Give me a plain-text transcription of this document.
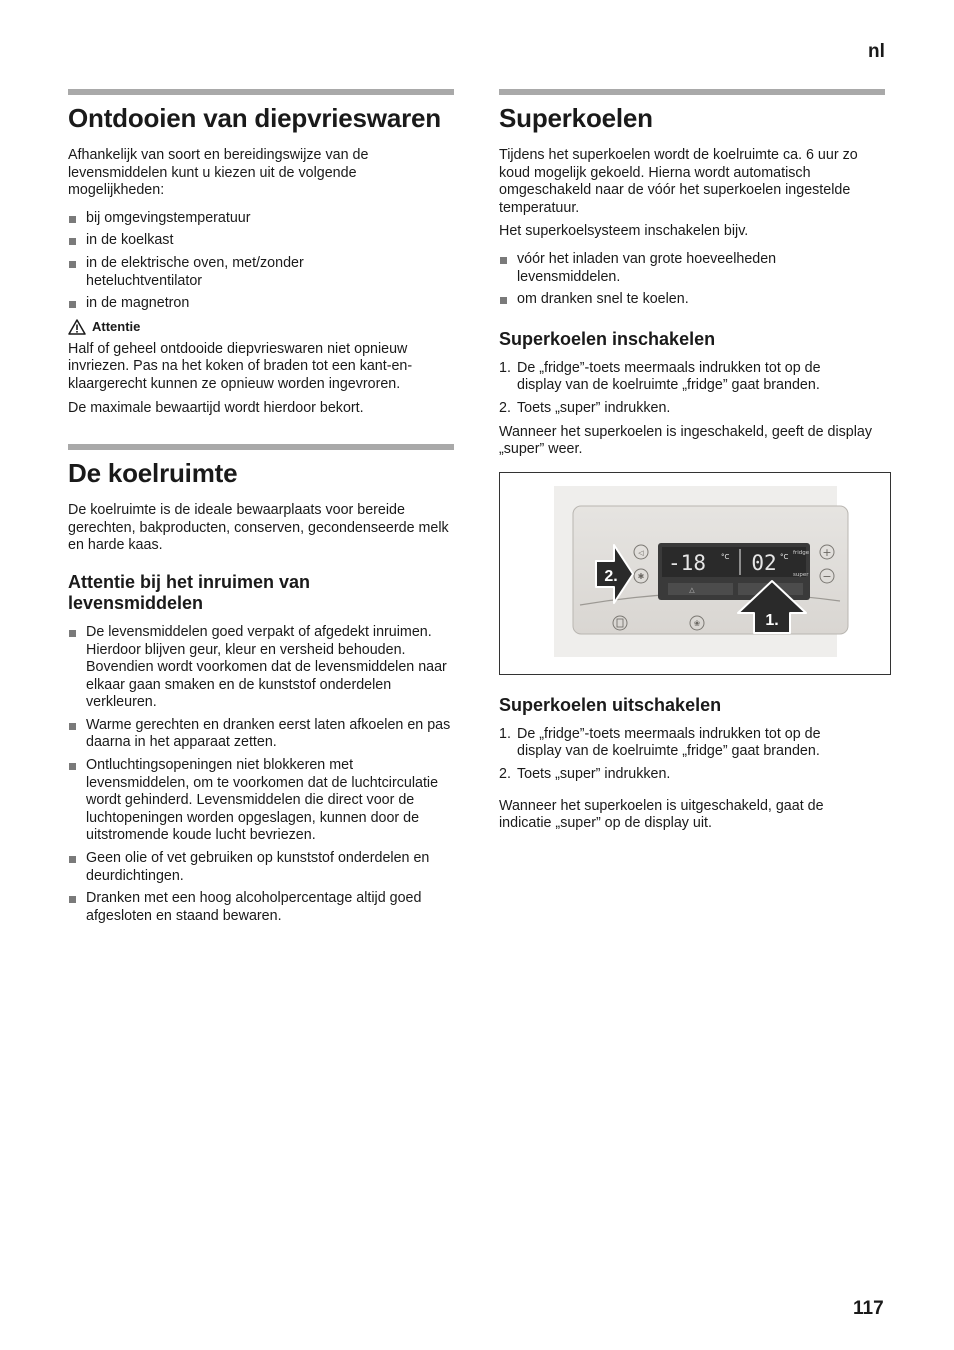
nl
Ontdooien van diepvrieswaren

Afhankelijk van soort en bereidingswijze van de levensmiddelen kunt u kiezen uit de volgende mogelijkheden:

bij omgevingstemperatuur
in de koelkast
in de elektrische oven, met/zonder heteluchtventilator
in de magnetron
Attentie

Half of geheel ontdooide diepvrieswaren niet opnieuw invriezen. Pas na het koken of braden tot een kant-en-klaargerecht kunnen ze opnieuw worden ingevroren.

De maximale bewaartijd wordt hierdoor bekort.

De koelruimte

De koelruimte is de ideale bewaarplaats voor bereide gerechten, bakproducten, conserven, gecondenseerde melk en harde kaas.

Attentie bij het inruimen van levensmiddelen
De levensmiddelen goed verpakt of afgedekt inruimen. Hierdoor blijven geur, kleur en versheid behouden. Bovendien wordt voorkomen dat de levensmiddelen naar elkaar gaan smaken en de kunststof onderdelen verkleuren.
Warme gerechten en dranken eerst laten afkoelen en pas daarna in het apparaat zetten.
Ontluchtingsopeningen niet blokkeren met levensmiddelen, om te voorkomen dat de luchtcirculatie wordt gehinderd. Levensmiddelen die direct voor de luchtopeningen worden opgeslagen, kunnen door de uitstromende koude lucht bevriezen.
Geen olie of vet gebruiken op kunststof onderdelen en deurdichtingen.
Dranken met een hoog alcoholpercentage altijd goed afgesloten en staand bewaren.
Superkoelen

Tijdens het superkoelen wordt de koelruimte ca. 6 uur zo koud mogelijk gekoeld. Hierna wordt automatisch omgeschakeld naar de vóór het superkoelen ingestelde temperatuur.

Het superkoelsysteem inschakelen bijv.

vóór het inladen van grote hoeveelheden levensmiddelen.
om dranken snel te koelen.
Superkoelen inschakelen
1. De „fridge”-toets meermaals indrukken tot op de display van de koelruimte „fridge” gaat branden.
2. Toets „super” indrukken.

Wanneer het superkoelen is ingeschakeld, geeft de display „super” weer.

△
-18 °C 02 °C fridge
super
◁
✱
+
−
❀
2.
1.
Superkoelen uitschakelen
1. De „fridge”-toets meermaals indrukken tot op de display van de koelruimte „fridge” gaat branden.
2. Toets „super” indrukken.

Wanneer het superkoelen is uitgeschakeld, gaat de indicatie „super” op de display uit.

117
